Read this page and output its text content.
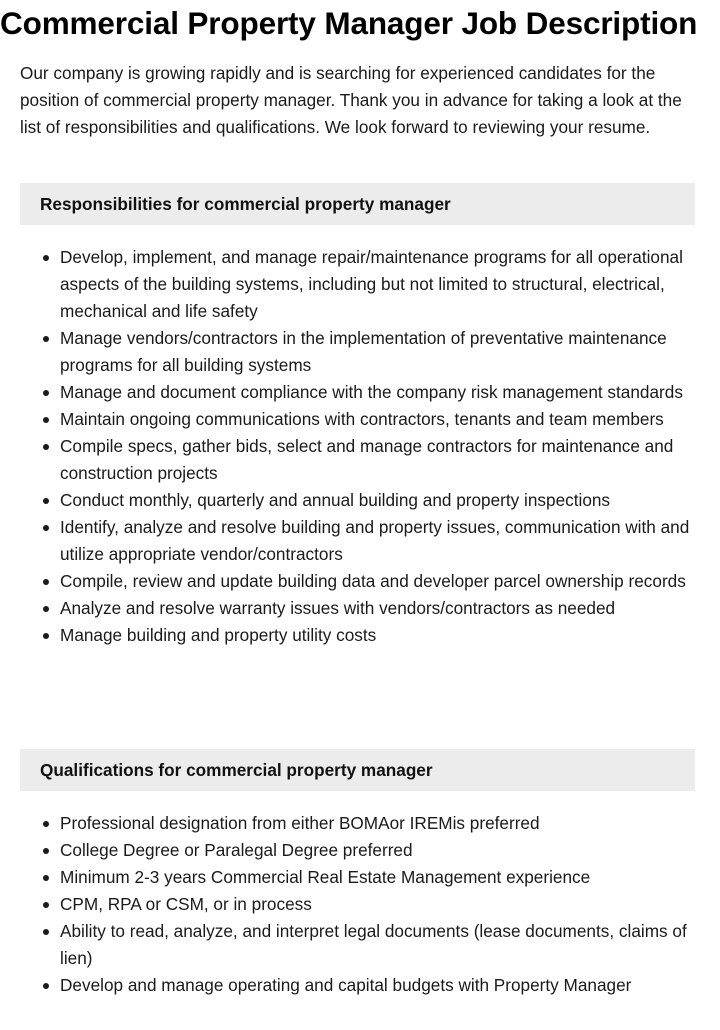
Commercial Property Manager Job Description

Our company is growing rapidly and is searching for experienced candidates for the position of commercial property manager. Thank you in advance for taking a look at the list of responsibilities and qualifications. We look forward to reviewing your resume.

Responsibilities for commercial property manager
Develop, implement, and manage repair/maintenance programs for all operational aspects of the building systems, including but not limited to structural, electrical, mechanical and life safety
Manage vendors/contractors in the implementation of preventative maintenance programs for all building systems
Manage and document compliance with the company risk management standards
Maintain ongoing communications with contractors, tenants and team members
Compile specs, gather bids, select and manage contractors for maintenance and construction projects
Conduct monthly, quarterly and annual building and property inspections
Identify, analyze and resolve building and property issues, communication with and utilize appropriate vendor/contractors
Compile, review and update building data and developer parcel ownership records
Analyze and resolve warranty issues with vendors/contractors as needed
Manage building and property utility costs
Qualifications for commercial property manager
Professional designation from either BOMAor IREMis preferred
College Degree or Paralegal Degree preferred
Minimum 2-3 years Commercial Real Estate Management experience
CPM, RPA or CSM, or in process
Ability to read, analyze, and interpret legal documents (lease documents, claims of lien)
Develop and manage operating and capital budgets with Property Manager
